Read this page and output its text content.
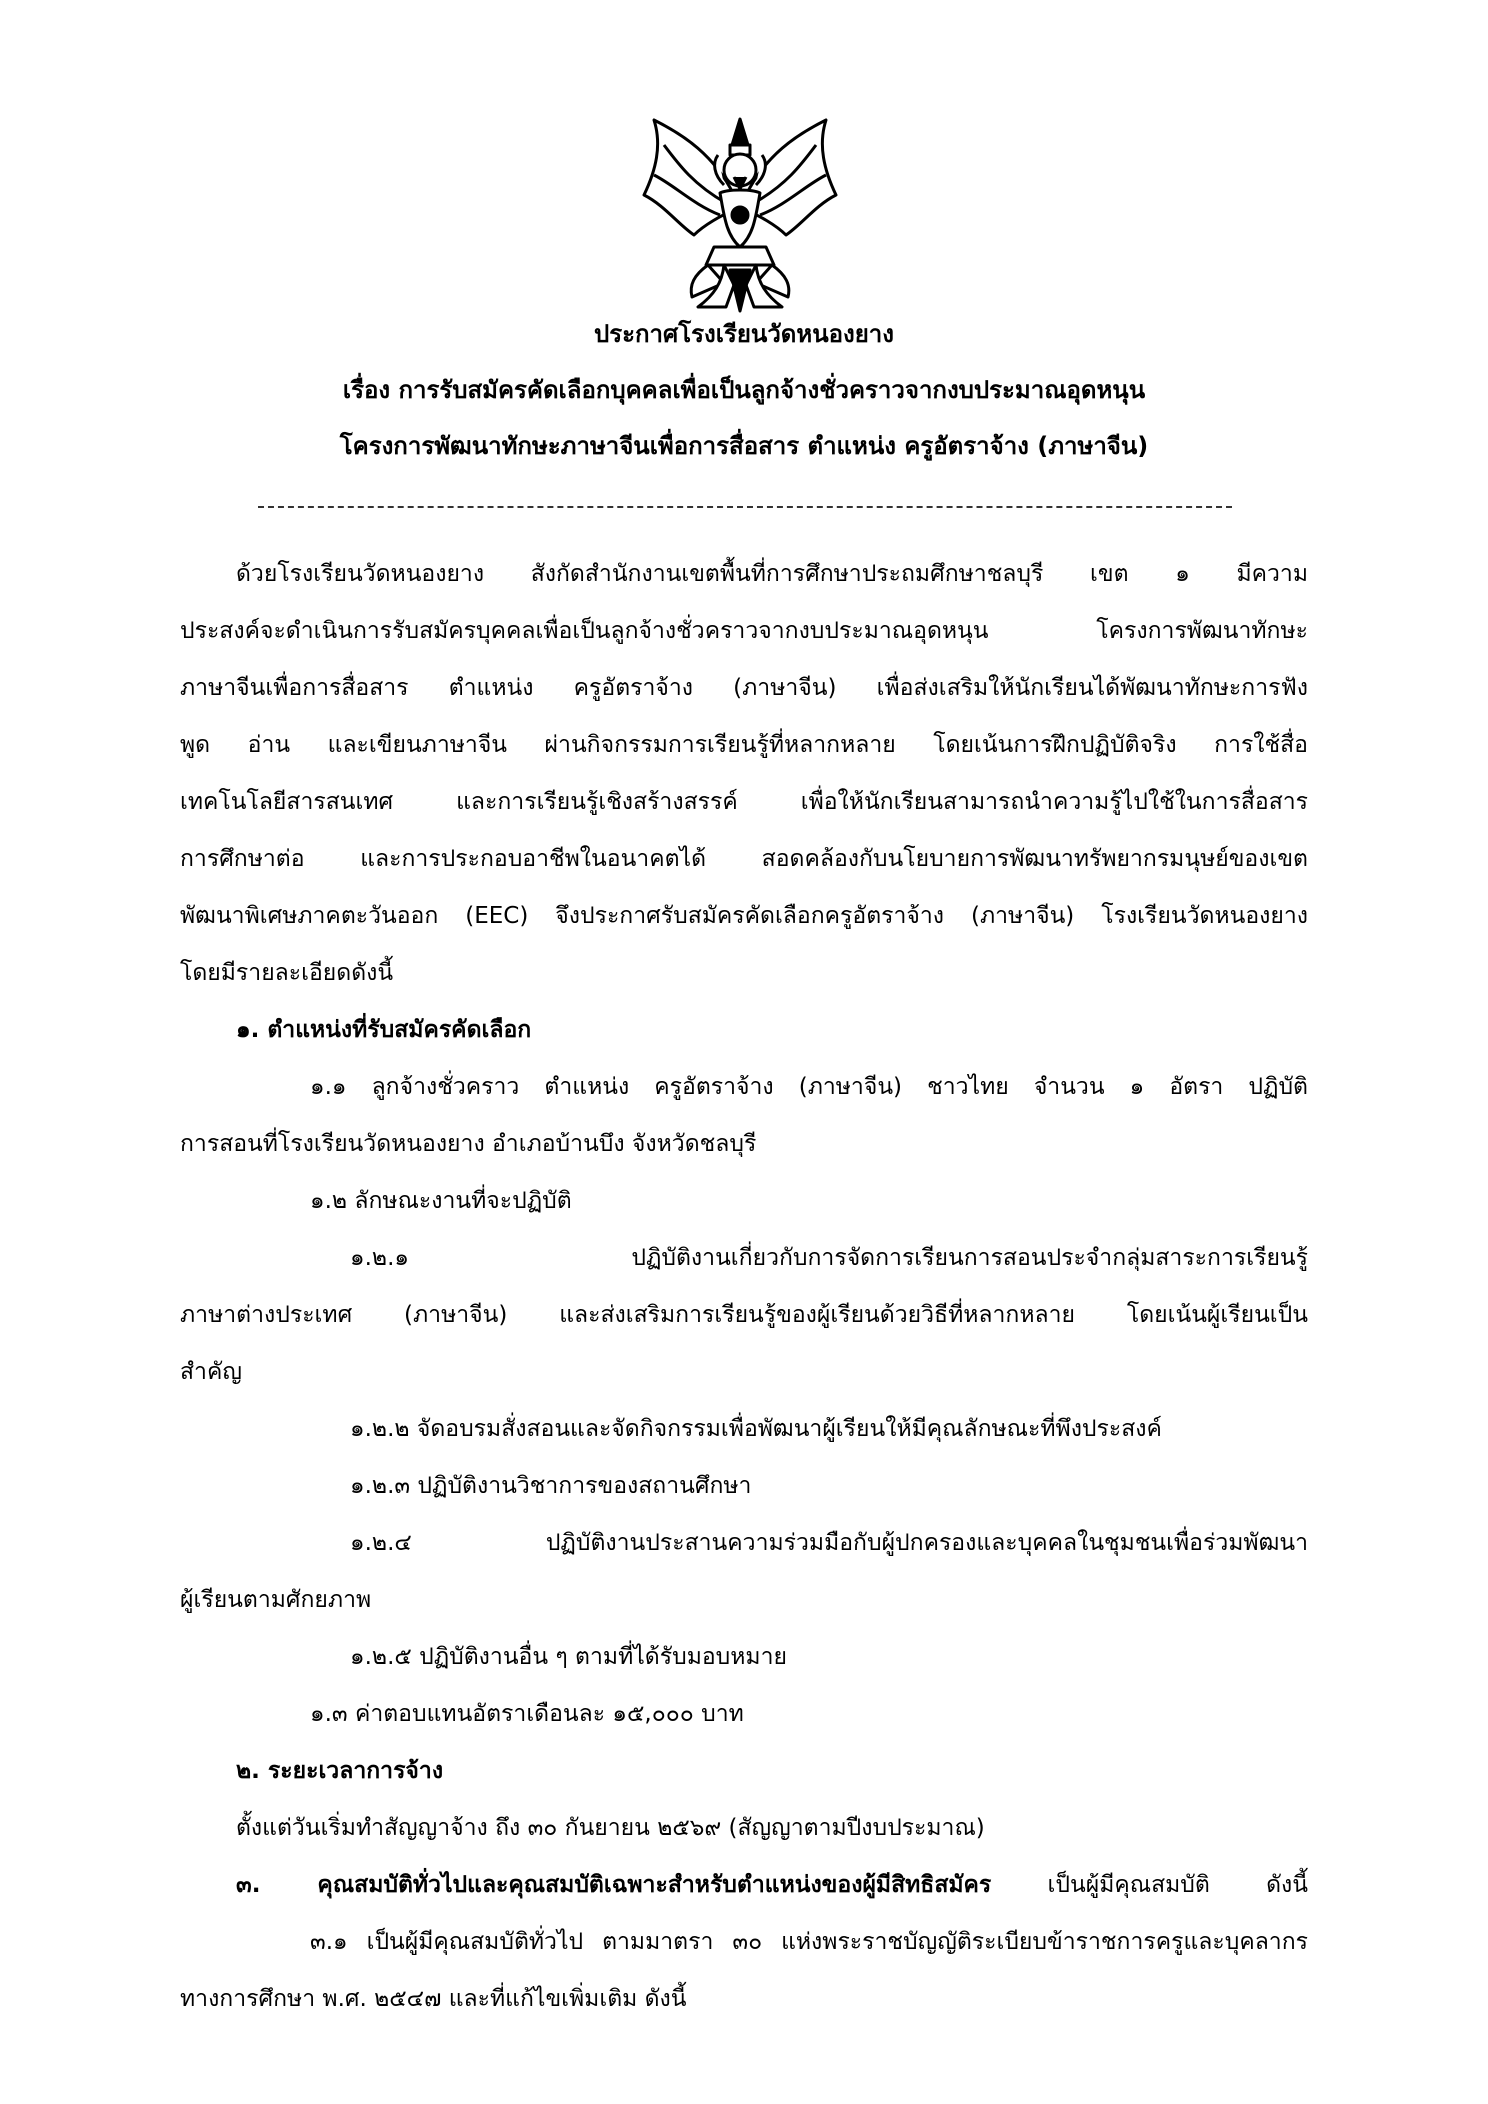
ประกาศโรงเรียนวัดหนองยาง
เรื่อง การรับสมัครคัดเลือกบุคคลเพื่อเป็นลูกจ้างชั่วคราวจากงบประมาณอุดหนุน
โครงการพัฒนาทักษะภาษาจีนเพื่อการสื่อสาร ตำแหน่ง ครูอัตราจ้าง (ภาษาจีน)

ด้วยโรงเรียนวัดหนองยาง สังกัดสำนักงานเขตพื้นที่การศึกษาประถมศึกษาชลบุรี เขต ๑ มีความ

ประสงค์จะดำเนินการรับสมัครบุคคลเพื่อเป็นลูกจ้างชั่วคราวจากงบประมาณอุดหนุน โครงการพัฒนาทักษะ

ภาษาจีนเพื่อการสื่อสาร ตำแหน่ง ครูอัตราจ้าง (ภาษาจีน) เพื่อส่งเสริมให้นักเรียนได้พัฒนาทักษะการฟัง

พูด อ่าน และเขียนภาษาจีน ผ่านกิจกรรมการเรียนรู้ที่หลากหลาย โดยเน้นการฝึกปฏิบัติจริง การใช้สื่อ

เทคโนโลยีสารสนเทศ และการเรียนรู้เชิงสร้างสรรค์ เพื่อให้นักเรียนสามารถนำความรู้ไปใช้ในการสื่อสาร

การศึกษาต่อ และการประกอบอาชีพในอนาคตได้ สอดคล้องกับนโยบายการพัฒนาทรัพยากรมนุษย์ของเขต

พัฒนาพิเศษภาคตะวันออก (EEC) จึงประกาศรับสมัครคัดเลือกครูอัตราจ้าง (ภาษาจีน) โรงเรียนวัดหนองยาง

โดยมีรายละเอียดดังนี้

๑. ตำแหน่งที่รับสมัครคัดเลือก

๑.๑ ลูกจ้างชั่วคราว ตำแหน่ง ครูอัตราจ้าง (ภาษาจีน) ชาวไทย จำนวน ๑ อัตรา ปฏิบัติ

การสอนที่โรงเรียนวัดหนองยาง อำเภอบ้านบึง จังหวัดชลบุรี

๑.๒ ลักษณะงานที่จะปฏิบัติ

๑.๒.๑ ปฏิบัติงานเกี่ยวกับการจัดการเรียนการสอนประจำกลุ่มสาระการเรียนรู้

ภาษาต่างประเทศ (ภาษาจีน) และส่งเสริมการเรียนรู้ของผู้เรียนด้วยวิธีที่หลากหลาย โดยเน้นผู้เรียนเป็น

สำคัญ

๑.๒.๒ จัดอบรมสั่งสอนและจัดกิจกรรมเพื่อพัฒนาผู้เรียนให้มีคุณลักษณะที่พึงประสงค์

๑.๒.๓ ปฏิบัติงานวิชาการของสถานศึกษา

๑.๒.๔ ปฏิบัติงานประสานความร่วมมือกับผู้ปกครองและบุคคลในชุมชนเพื่อร่วมพัฒนา

ผู้เรียนตามศักยภาพ

๑.๒.๕ ปฏิบัติงานอื่น ๆ ตามที่ได้รับมอบหมาย

๑.๓ ค่าตอบแทนอัตราเดือนละ ๑๕,๐๐๐ บาท

๒. ระยะเวลาการจ้าง

ตั้งแต่วันเริ่มทำสัญญาจ้าง ถึง ๓๐ กันยายน ๒๕๖๙ (สัญญาตามปีงบประมาณ)

๓. คุณสมบัติทั่วไปและคุณสมบัติเฉพาะสำหรับตำแหน่งของผู้มีสิทธิสมัคร เป็นผู้มีคุณสมบัติ ดังนี้

๓.๑ เป็นผู้มีคุณสมบัติทั่วไป ตามมาตรา ๓๐ แห่งพระราชบัญญัติระเบียบข้าราชการครูและบุคลากร

ทางการศึกษา พ.ศ. ๒๕๔๗ และที่แก้ไขเพิ่มเติม ดังนี้
